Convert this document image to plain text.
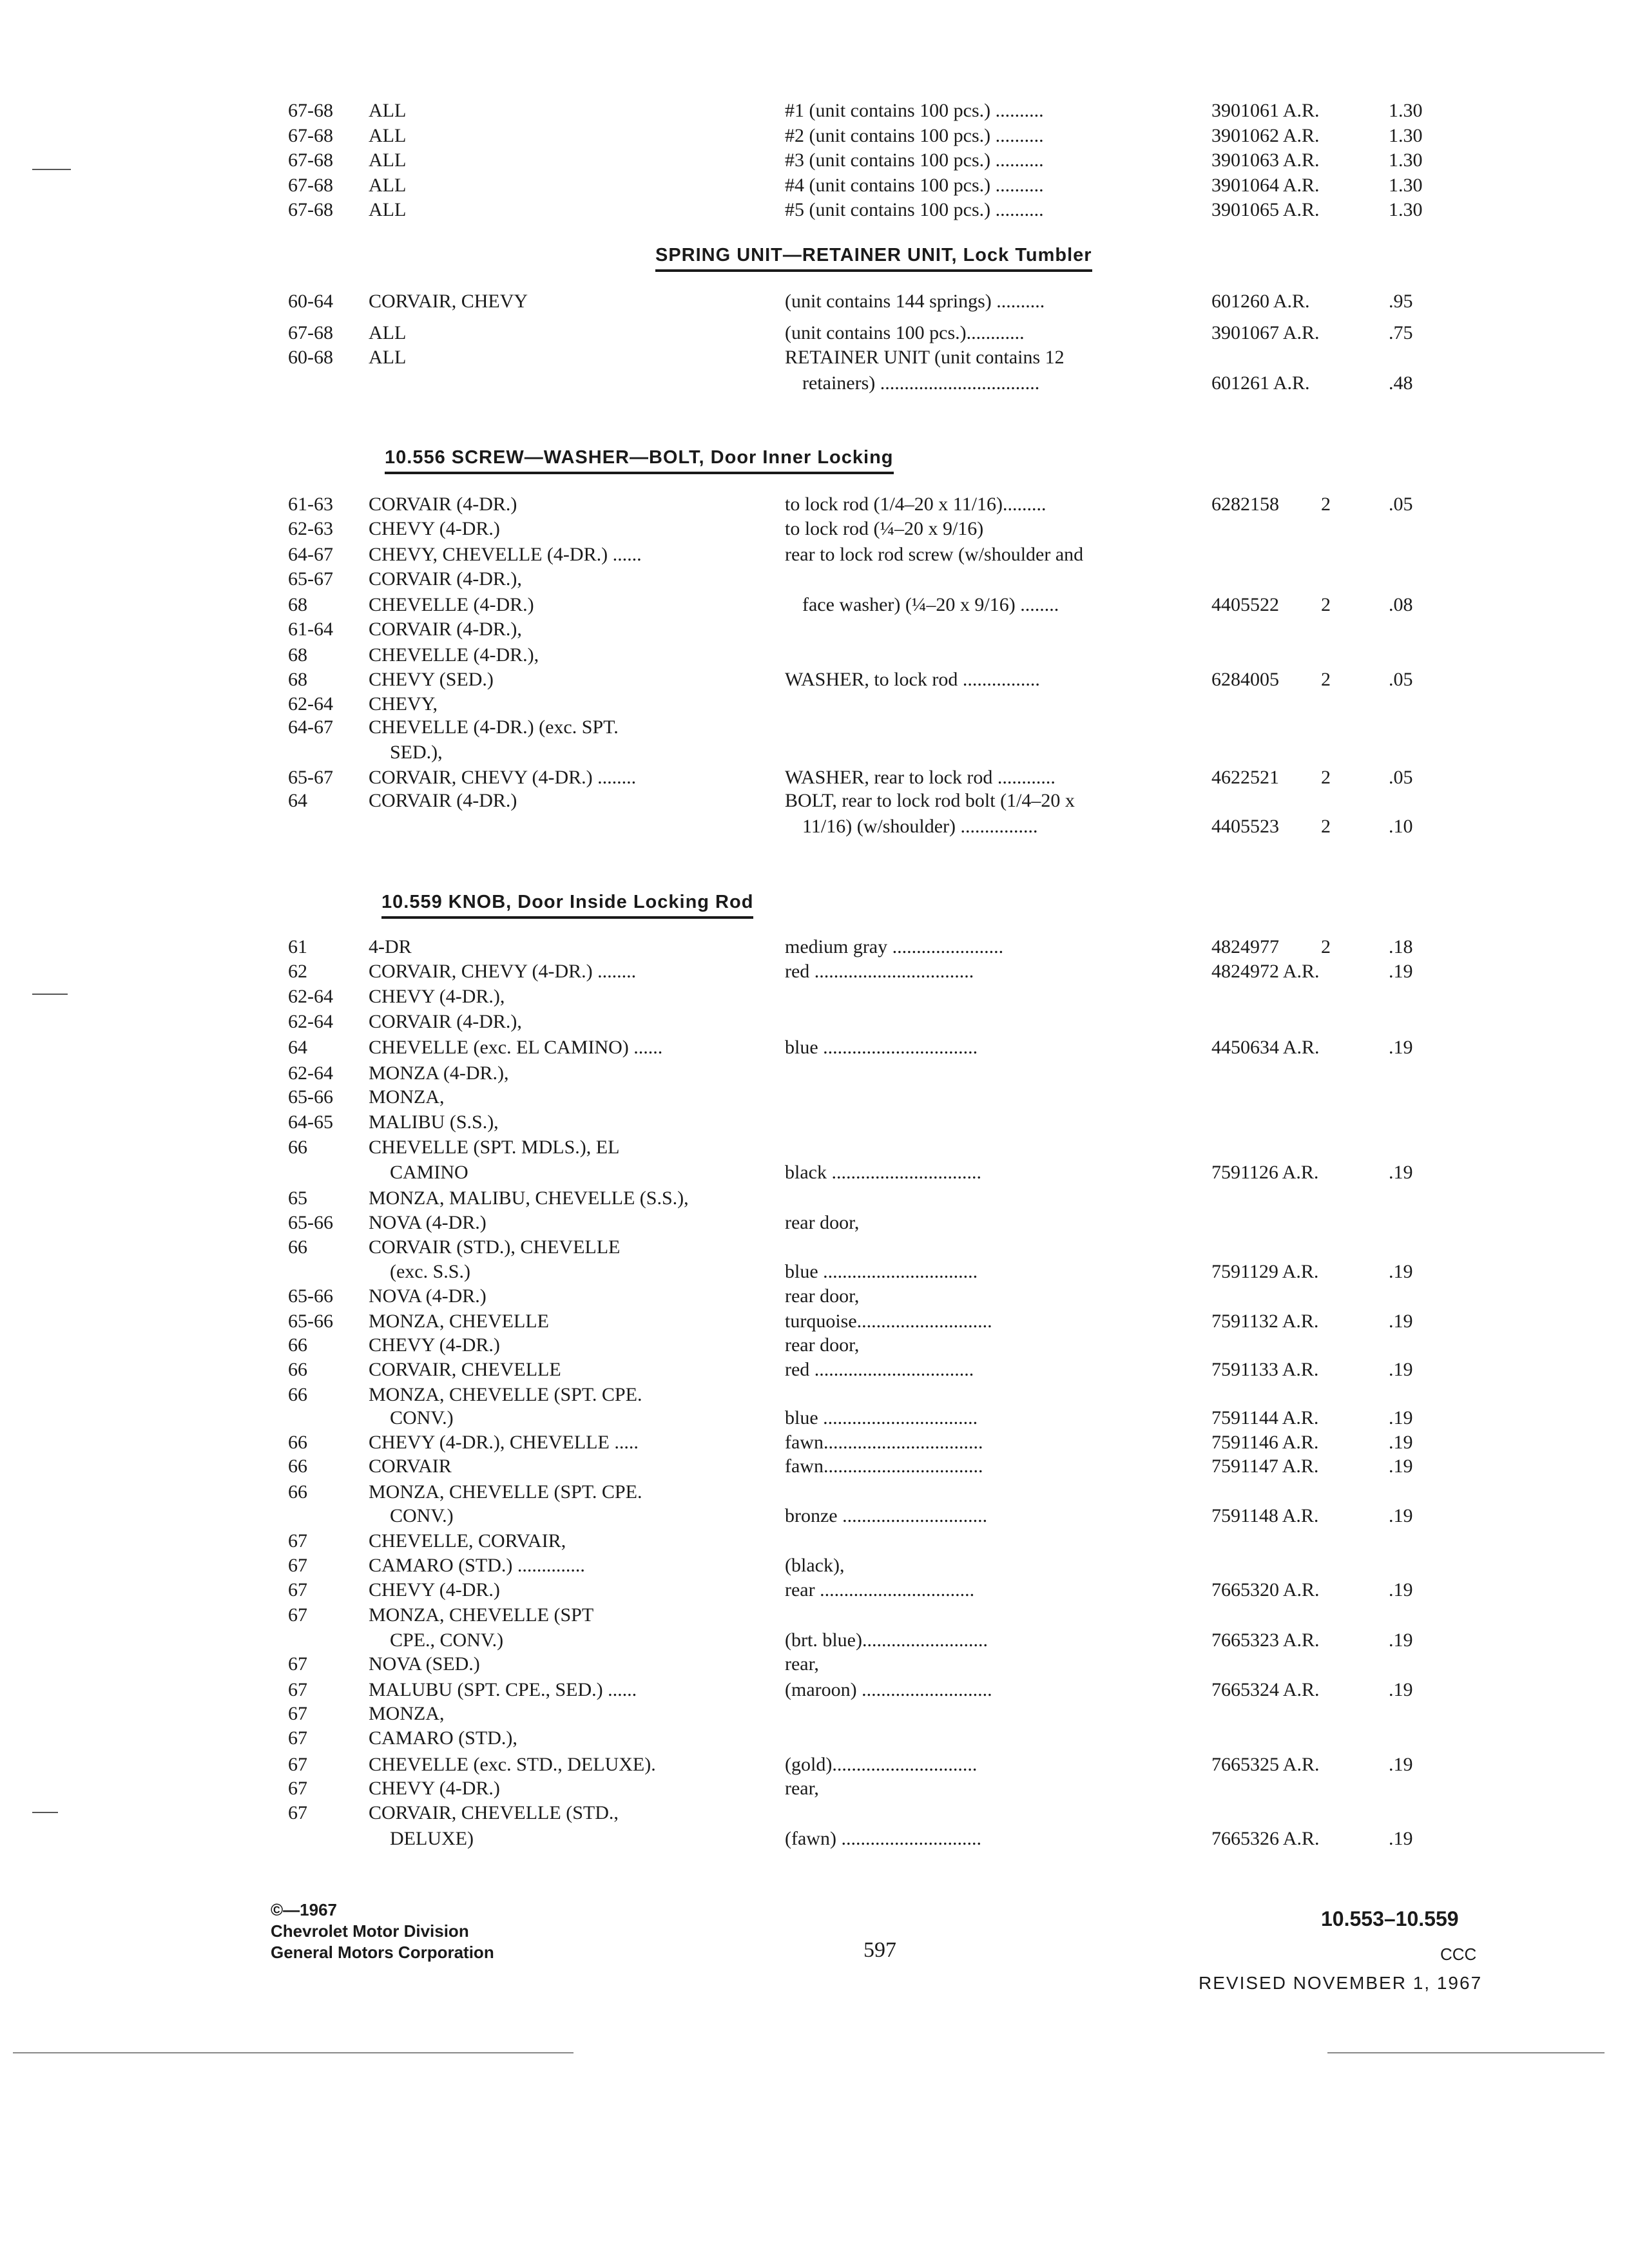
SPRING UNIT—RETAINER UNIT, Lock Tumbler
10.556 SCREW—WASHER—BOLT, Door Inner Locking
10.559 KNOB, Door Inside Locking Rod
67-68 ALL	#1 (unit contains 100 pcs.) ..........	3901061 A.R.	1.30
67-68 ALL	#2 (unit contains 100 pcs.) ..........	3901062 A.R.	1.30
67-68 ALL	#3 (unit contains 100 pcs.) ..........	3901063 A.R.	1.30
67-68 ALL	#4 (unit contains 100 pcs.) ..........	3901064 A.R.	1.30
67-68 ALL	#5 (unit contains 100 pcs.) ..........	3901065 A.R.	1.30
60-64 CORVAIR, CHEVY	(unit contains 144 springs) ..........	601260 A.R.	.95
67-68 ALL	(unit contains 100 pcs.)............	3901067 A.R.	.75
60-68 ALL	RETAINER UNIT (unit contains 12
retainers) .................................	601261 A.R.	.48
61-63 CORVAIR (4-DR.)	to lock rod (1/4–20 x 11/16).........	6282158 2	.05
62-63 CHEVY (4-DR.)	to lock rod (¼–20 x 9/16)
64-67 CHEVY, CHEVELLE (4-DR.) ......	rear to lock rod screw (w/shoulder and
65-67 CORVAIR (4-DR.),
68	CHEVELLE (4-DR.)	face washer) (¼–20 x 9/16) ........	4405522 2	.08
61-64 CORVAIR (4-DR.),
68	CHEVELLE (4-DR.),
68	CHEVY (SED.)	WASHER, to lock rod ................	6284005 2	.05
62-64 CHEVY,
64-67 CHEVELLE (4-DR.) (exc. SPT.
SED.),
65-67 CORVAIR, CHEVY (4-DR.) ........	WASHER, rear to lock rod ............	4622521 2	.05
64	CORVAIR (4-DR.)	BOLT, rear to lock rod bolt (1/4–20 x
11/16) (w/shoulder) ................	4405523 2	.10
61	4-DR	medium gray .......................	4824977 2	.18
62	CORVAIR, CHEVY (4-DR.) ........	red .................................	4824972 A.R.	.19
62-64 CHEVY (4-DR.),
62-64 CORVAIR (4-DR.),
64	CHEVELLE (exc. EL CAMINO) ......	blue ................................	4450634 A.R.	.19
62-64 MONZA (4-DR.),
65-66 MONZA,
64-65 MALIBU (S.S.),
66	CHEVELLE (SPT. MDLS.), EL
CAMINO	black ...............................	7591126 A.R.	.19
65	MONZA, MALIBU, CHEVELLE (S.S.),
65-66 NOVA (4-DR.)	rear door,
66	CORVAIR (STD.), CHEVELLE
(exc. S.S.)	blue ................................	7591129 A.R.	.19
65-66 NOVA (4-DR.)	rear door,
65-66 MONZA, CHEVELLE	turquoise............................	7591132 A.R.	.19
66	CHEVY (4-DR.)	rear door,
66	CORVAIR, CHEVELLE	red .................................	7591133 A.R.	.19
66	MONZA, CHEVELLE (SPT. CPE.
CONV.)	blue ................................	7591144 A.R.	.19
66	CHEVY (4-DR.), CHEVELLE .....	fawn.................................	7591146 A.R.	.19
66	CORVAIR	fawn.................................	7591147 A.R.	.19
66	MONZA, CHEVELLE (SPT. CPE.
CONV.)	bronze ..............................	7591148 A.R.	.19
67	CHEVELLE, CORVAIR,
67	CAMARO (STD.) ..............	(black),
67	CHEVY (4-DR.)	rear ................................	7665320 A.R.	.19
67	MONZA, CHEVELLE (SPT
CPE., CONV.)	(brt. blue)..........................	7665323 A.R.	.19
67	NOVA (SED.)	rear,
67	MALUBU (SPT. CPE., SED.) ......	(maroon) ...........................	7665324 A.R.	.19
67	MONZA,
67	CAMARO (STD.),
67	CHEVELLE (exc. STD., DELUXE).	(gold)..............................	7665325 A.R.	.19
67	CHEVY (4-DR.)	rear,
67	CORVAIR, CHEVELLE (STD.,
DELUXE)	(fawn) .............................	7665326 A.R.	.19
©—1967
Chevrolet Motor Division
General Motors Corporation	597
10.553–10.559
CCC
REVISED NOVEMBER 1, 1967
